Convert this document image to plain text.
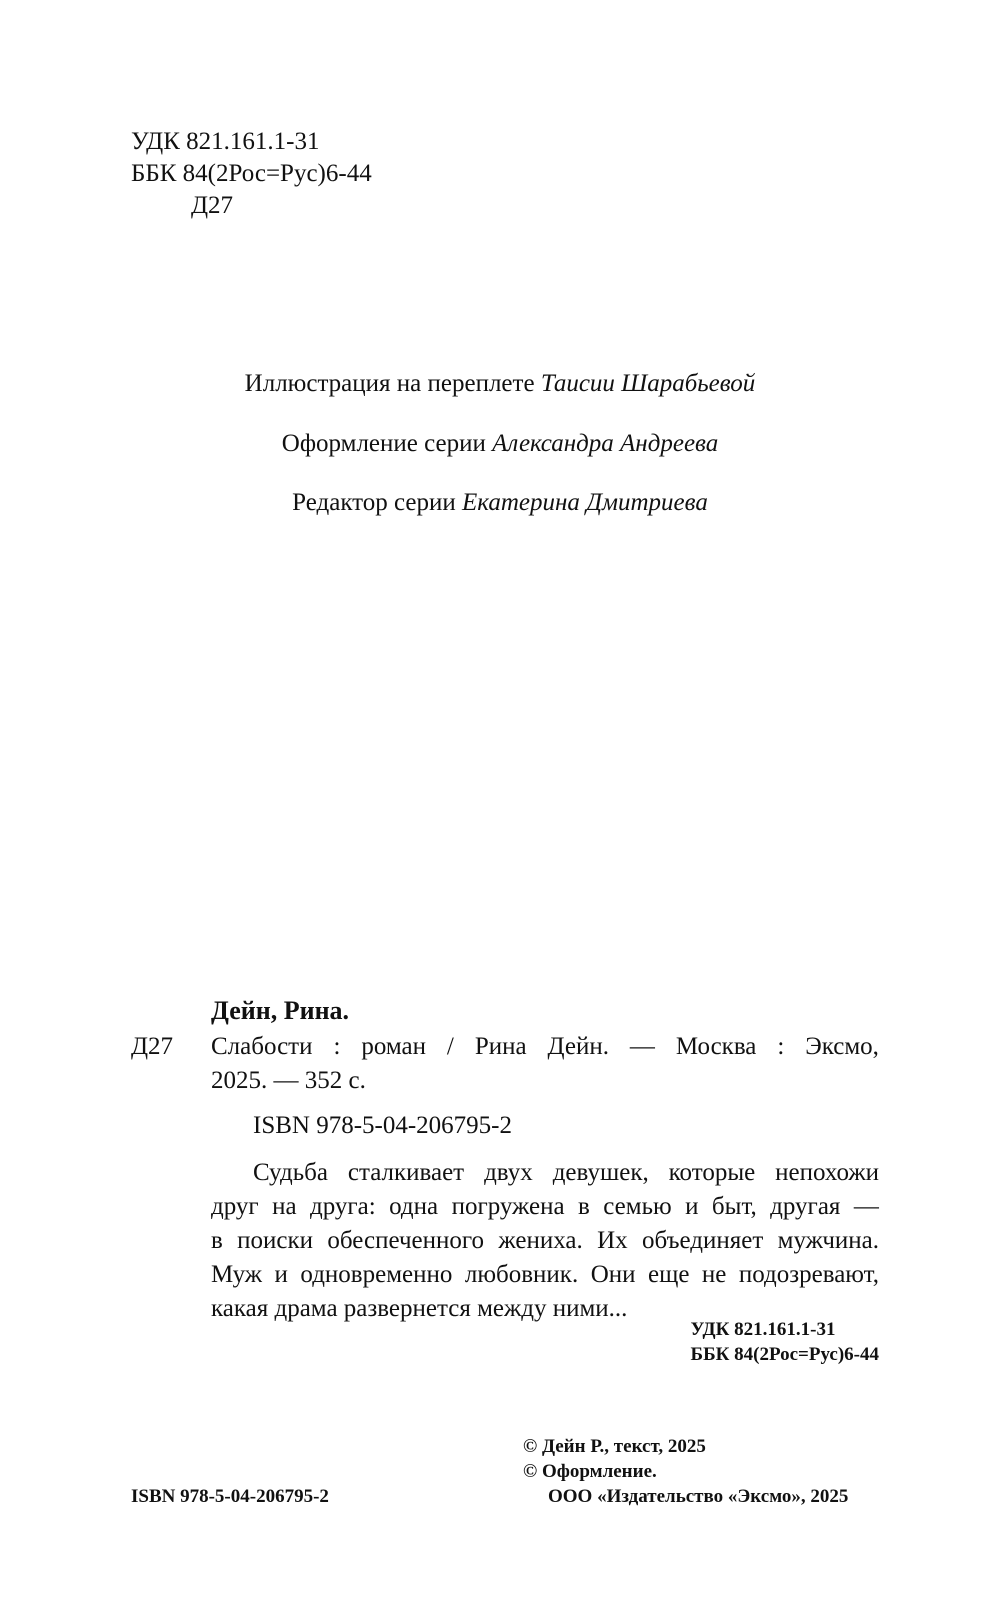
УДК 821.161.1-31
ББК 84(2Рос=Рус)6-44
Д27
Иллюстрация на переплете Таисии Шарабьевой
Оформление серии Александра Андреева
Редактор серии Екатерина Дмитриева
Дейн, Рина.
Д27 Слабости : роман / Рина Дейн. — Москва : Эксмо,
2025. — 352 с.
ISBN 978-5-04-206795-2
Судьба сталкивает двух девушек, которые непохожи
друг на друга: одна погружена в семью и быт, другая —
в поиски обеспеченного жениха. Их объединяет мужчина.
Муж и одновременно любовник. Они еще не подозревают,
какая драма развернется между ними...
УДК 821.161.1-31
ББК 84(2Рос=Рус)6-44
© Дейн Р., текст, 2025
© Оформление.
ООО «Издательство «Эксмо», 2025
ISBN 978-5-04-206795-2
